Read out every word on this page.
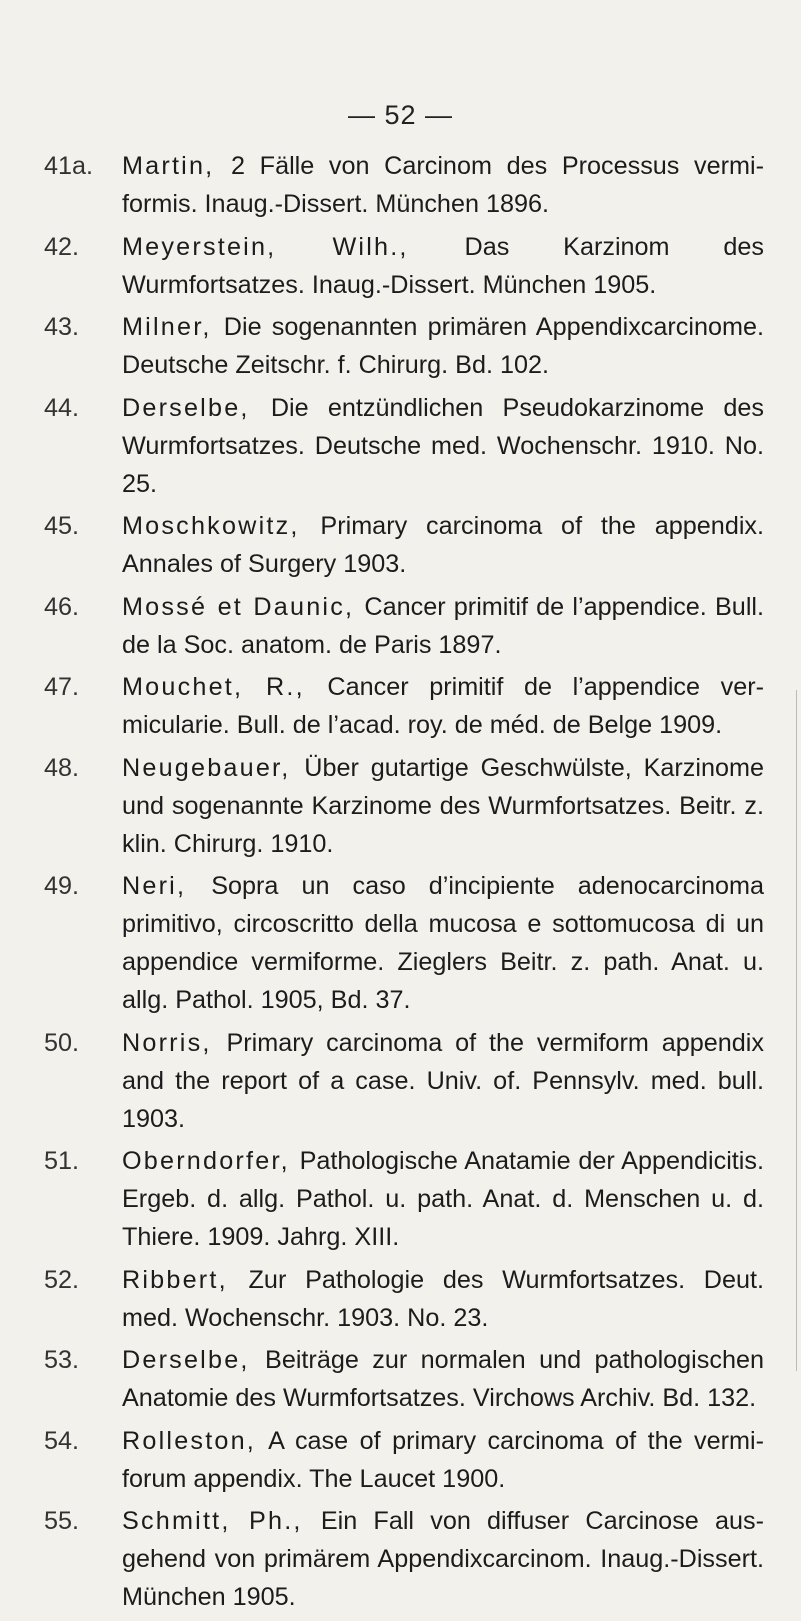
— 52 —
41a.	Martin, 2 Fälle von Carcinom des Processus vermi- formis. Inaug.-Dissert. München 1896.
42.	Meyerstein, Wilh., Das Karzinom des Wurmfortsatzes. Inaug.-Dissert. München 1905.
43.	Milner, Die sogenannten primären Appendixcarcinome. Deutsche Zeitschr. f. Chirurg. Bd. 102.
44.	Derselbe, Die entzündlichen Pseudokarzinome des Wurmfortsatzes. Deutsche med. Wochenschr. 1910. No. 25.
45.	Moschkowitz, Primary carcinoma of the appendix. Annales of Surgery 1903.
46.	Mossé et Daunic, Cancer primitif de l’appendice. Bull. de la Soc. anatom. de Paris 1897.
47.	Mouchet, R., Cancer primitif de l’appendice ver- micularie. Bull. de l’acad. roy. de méd. de Belge 1909.
48.	Neugebauer, Über gutartige Geschwülste, Karzinome und sogenannte Karzinome des Wurmfortsatzes. Beitr. z. klin. Chirurg. 1910.
49.	Neri, Sopra un caso d’incipiente adenocarcinoma primitivo, circoscritto della mucosa e sottomucosa di un appendice vermiforme. Zieglers Beitr. z. path. Anat. u. allg. Pathol. 1905, Bd. 37.
50.	Norris, Primary carcinoma of the vermiform appendix and the report of a case. Univ. of. Pennsylv. med. bull. 1903.
51.	Oberndorfer, Pathologische Anatamie der Appendicitis. Ergeb. d. allg. Pathol. u. path. Anat. d. Menschen u. d. Thiere. 1909. Jahrg. XIII.
52.	Ribbert, Zur Pathologie des Wurmfortsatzes. Deut. med. Wochenschr. 1903. No. 23.
53.	Derselbe, Beiträge zur normalen und pathologischen Anatomie des Wurmfortsatzes. Virchows Archiv. Bd. 132.
54.	Rolleston, A case of primary carcinoma of the vermi- forum appendix. The Laucet 1900.
55.	Schmitt, Ph., Ein Fall von diffuser Carcinose aus- gehend von primärem Appendixcarcinom. Inaug.-Dissert. München 1905.
